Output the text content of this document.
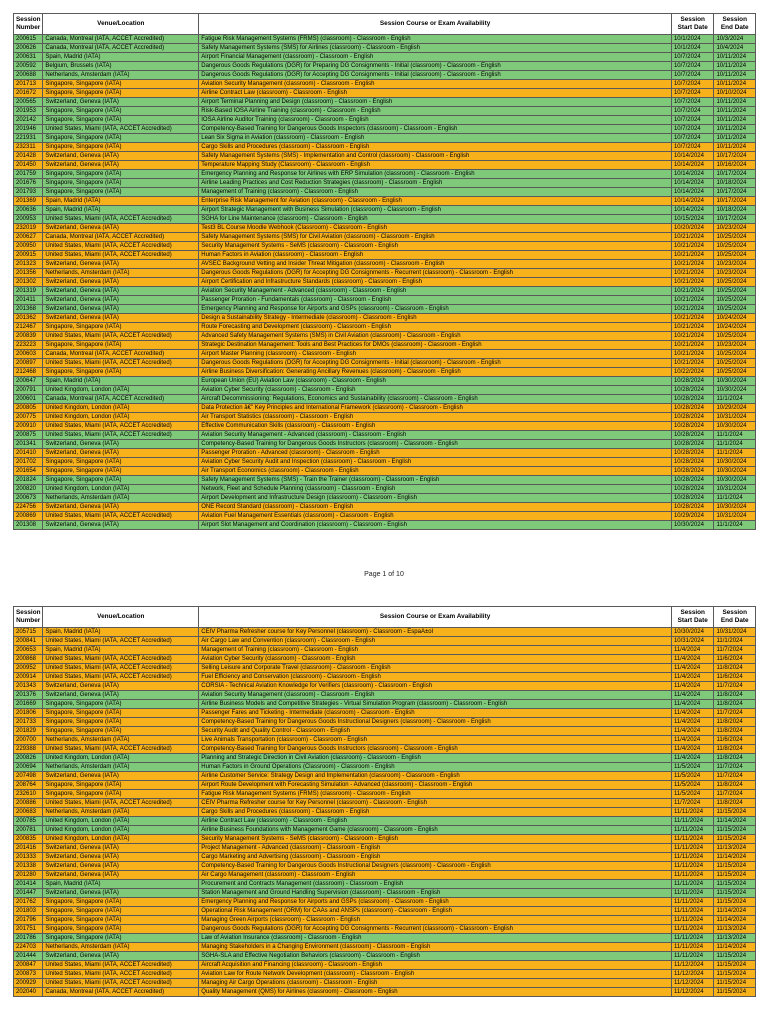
Session Number	Venue/Location	Session Course or Exam Availability	Session Start Date	Session End Date
200615	Canada, Montreal (IATA, ACCET Accredited)	Fatigue Risk Management Systems (FRMS) (classroom) - Classroom - English	10/1/2024	10/3/2024
200626	Canada, Montreal (IATA, ACCET Accredited)	Safety Management Systems (SMS) for Airlines (classroom) - Classroom - English	10/1/2024	10/4/2024
200631	Spain, Madrid (IATA)	Airport Financial Management (classroom) - Classroom - English	10/7/2024	10/11/2024
200592	Belgium, Brussels (IATA)	Dangerous Goods Regulations (DGR) for Preparing DG Consignments - Initial (classroom) - Classroom - English	10/7/2024	10/11/2024
200688	Netherlands, Amsterdam (IATA)	Dangerous Goods Regulations (DGR) for Accepting DG Consignments - Initial (classroom) - Classroom - English	10/7/2024	10/11/2024
201713	Singapore, Singapore (IATA)	Aviation Security Management (classroom) - Classroom - English	10/7/2024	10/11/2024
201672	Singapore, Singapore (IATA)	Airline Contract Law (classroom) - Classroom - English	10/7/2024	10/10/2024
200565	Switzerland, Geneva (IATA)	Airport Terminal Planning and Design (classroom) - Classroom - English	10/7/2024	10/11/2024
201953	Singapore, Singapore (IATA)	Risk-Based IOSA Airline Training (classroom) - Classroom - English	10/7/2024	10/11/2024
202142	Singapore, Singapore (IATA)	IOSA Airline Auditor Training (classroom) - Classroom - English	10/7/2024	10/11/2024
201946	United States, Miami (IATA, ACCET Accredited)	Competency-Based Training for Dangerous Goods Inspectors (classroom) - Classroom - English	10/7/2024	10/11/2024
221931	Singapore, Singapore (IATA)	Lean Six Sigma in Aviation (classroom) - Classroom - English	10/7/2024	10/11/2024
232311	Singapore, Singapore (IATA)	Cargo Skills and Procedures (classroom) - Classroom - English	10/7/2024	10/11/2024
201428	Switzerland, Geneva (IATA)	Safety Management Systems (SMS) - Implementation and Control (classroom) - Classroom - English	10/14/2024	10/17/2024
201450	Switzerland, Geneva (IATA)	Temperature Mapping Study (Classroom) - Classroom - English	10/14/2024	10/16/2024
201759	Singapore, Singapore (IATA)	Emergency Planning and Response for Airlines with ERP Simulation (classroom) - Classroom - English	10/14/2024	10/17/2024
201676	Singapore, Singapore (IATA)	Airline Leading Practices and Cost Reduction Strategies (classroom) - Classroom - English	10/14/2024	10/18/2024
201793	Singapore, Singapore (IATA)	Management of Training (classroom) - Classroom - English	10/14/2024	10/17/2024
201369	Spain, Madrid (IATA)	Enterprise Risk Management for Aviation (classroom) - Classroom - English	10/14/2024	10/17/2024
200636	Spain, Madrid (IATA)	Airport Strategic Management with Business Simulation (classroom) - Classroom - English	10/14/2024	10/18/2024
200953	United States, Miami (IATA, ACCET Accredited)	SGHA for Line Maintenance (classroom) - Classroom - English	10/15/2024	10/17/2024
232019	Switzerland, Geneva (IATA)	Test3 BL Course Moodle Webhook (Classroom) - Classroom - English	10/20/2024	10/23/2024
200627	Canada, Montreal (IATA, ACCET Accredited)	Safety Management Systems (SMS) for Civil Aviation (classroom) - Classroom - English	10/21/2024	10/25/2024
200950	United States, Miami (IATA, ACCET Accredited)	Security Management Systems - SeMS (classroom) - Classroom - English	10/21/2024	10/25/2024
200915	United States, Miami (IATA, ACCET Accredited)	Human Factors in Aviation (classroom) - Classroom - English	10/21/2024	10/25/2024
201323	Switzerland, Geneva (IATA)	AVSEC Background Vetting and Insider Threat Mitigation (classroom) - Classroom - English	10/21/2024	10/23/2024
201356	Netherlands, Amsterdam (IATA)	Dangerous Goods Regulations (DGR) for Accepting DG Consignments - Recurrent (classroom) - Classroom - English	10/21/2024	10/23/2024
201302	Switzerland, Geneva (IATA)	Airport Certification and Infrastructure Standards (classroom) - Classroom - English	10/21/2024	10/25/2024
201319	Switzerland, Geneva (IATA)	Aviation Security Management - Advanced (classroom) - Classroom - English	10/21/2024	10/25/2024
201411	Switzerland, Geneva (IATA)	Passenger Proration - Fundamentals (classroom) - Classroom - English	10/21/2024	10/25/2024
201368	Switzerland, Geneva (IATA)	Emergency Planning and Response for Airports and GSPs (classroom) - Classroom - English	10/21/2024	10/25/2024
201362	Switzerland, Geneva (IATA)	Design a Sustainability Strategy - Intermediate (classroom) - Classroom - English	10/21/2024	10/24/2024
212467	Singapore, Singapore (IATA)	Route Forecasting and Development (classroom) - Classroom - English	10/21/2024	10/24/2024
200839	United States, Miami (IATA, ACCET Accredited)	Advanced Safety Management Systems (SMS) in Civil Aviation (classroom) - Classroom - English	10/21/2024	10/25/2024
223223	Singapore, Singapore (IATA)	Strategic Destination Management: Tools and Best Practices for DMOs (classroom) - Classroom - English	10/21/2024	10/23/2024
200603	Canada, Montreal (IATA, ACCET Accredited)	Airport Master Planning (classroom) - Classroom - English	10/21/2024	10/25/2024
200897	United States, Miami (IATA, ACCET Accredited)	Dangerous Goods Regulations (DGR) for Accepting DG Consignments - Initial (classroom) - Classroom - English	10/21/2024	10/25/2024
212468	Singapore, Singapore (IATA)	Airline Business Diversification: Generating Ancillary Revenues (classroom) - Classroom - English	10/22/2024	10/25/2024
200647	Spain, Madrid (IATA)	European Union (EU) Aviation Law (classroom) - Classroom - English	10/28/2024	10/30/2024
200791	United Kingdom, London (IATA)	Aviation Cyber Security (classroom) - Classroom - English	10/28/2024	10/30/2024
200601	Canada, Montreal (IATA, ACCET Accredited)	Aircraft Decommissioning: Regulations, Economics and Sustainability (classroom) - Classroom - English	10/28/2024	11/1/2024
200805	United Kingdom, London (IATA)	Data Protection â€" Key Principles and International Framework (classroom) - Classroom - English	10/28/2024	10/29/2024
200775	United Kingdom, London (IATA)	Air Transport Statistics (classroom) - Classroom - English	10/28/2024	10/31/2024
200910	United States, Miami (IATA, ACCET Accredited)	Effective Communication Skills (classroom) - Classroom - English	10/28/2024	10/30/2024
200875	United States, Miami (IATA, ACCET Accredited)	Aviation Security Management - Advanced (classroom) - Classroom - English	10/28/2024	11/1/2024
201341	Switzerland, Geneva (IATA)	Competency-Based Training for Dangerous Goods Instructors (classroom) - Classroom - English	10/28/2024	11/1/2024
201410	Switzerland, Geneva (IATA)	Passenger Proration - Advanced (classroom) - Classroom - English	10/28/2024	11/1/2024
201702	Singapore, Singapore (IATA)	Aviation Cyber Security Audit and Inspection (classroom) - Classroom - English	10/28/2024	10/30/2024
201654	Singapore, Singapore (IATA)	Air Transport Economics (classroom) - Classroom - English	10/28/2024	10/30/2024
201824	Singapore, Singapore (IATA)	Safety Management Systems (SMS) - Train the Trainer (classroom) - Classroom - English	10/28/2024	10/30/2024
200820	United Kingdom, London (IATA)	Network, Fleet and Schedule Planning (classroom) - Classroom - English	10/28/2024	10/31/2024
200673	Netherlands, Amsterdam (IATA)	Airport Development and Infrastructure Design (classroom) - Classroom - English	10/28/2024	11/1/2024
224756	Switzerland, Geneva (IATA)	ONE Record Standard (classroom) - Classroom - English	10/28/2024	10/30/2024
200869	United States, Miami (IATA, ACCET Accredited)	Aviation Fuel Management Essentials (classroom) - Classroom - English	10/29/2024	10/31/2024
201308	Switzerland, Geneva (IATA)	Airport Slot Management and Coordination (classroom) - Classroom - English	10/30/2024	11/1/2024
Page 1 of 10
Session Number	Venue/Location	Session Course or Exam Availability	Session Start Date	Session End Date
205715	Spain, Madrid (IATA)	CEIV Pharma Refresher course for Key Personnel (classroom) - Classroom - EspaÃ±ol	10/30/2024	10/31/2024
200841	United States, Miami (IATA, ACCET Accredited)	Air Cargo Law and Convention (classroom) - Classroom - English	10/31/2024	11/1/2024
200653	Spain, Madrid (IATA)	Management of Training (classroom) - Classroom - English	11/4/2024	11/7/2024
200868	United States, Miami (IATA, ACCET Accredited)	Aviation Cyber Security (classroom) - Classroom - English	11/4/2024	11/6/2024
200952	United States, Miami (IATA, ACCET Accredited)	Selling Leisure and Corporate Travel (classroom) - Classroom - English	11/4/2024	11/8/2024
200914	United States, Miami (IATA, ACCET Accredited)	Fuel Efficiency and Conservation (classroom) - Classroom - English	11/4/2024	11/6/2024
201343	Switzerland, Geneva (IATA)	CORSIA - Technical Aviation Knowledge for Verifiers (classroom) - Classroom - English	11/4/2024	11/7/2024
201376	Switzerland, Geneva (IATA)	Aviation Security Management (classroom) - Classroom - English	11/4/2024	11/8/2024
201669	Singapore, Singapore (IATA)	Airline Business Models and Competitive Strategies - Virtual Simulation Program (classroom) - Classroom - English	11/4/2024	11/8/2024
201806	Singapore, Singapore (IATA)	Passenger Fares and Ticketing - Intermediate (classroom) - Classroom - English	11/4/2024	11/7/2024
201733	Singapore, Singapore (IATA)	Competency-Based Training for Dangerous Goods Instructional Designers (classroom) - Classroom - English	11/4/2024	11/8/2024
201829	Singapore, Singapore (IATA)	Security Audit and Quality Control - Classroom - English	11/4/2024	11/8/2024
200700	Netherlands, Amsterdam (IATA)	Live Animals Transportation (classroom) - Classroom - English	11/4/2024	11/6/2024
229388	United States, Miami (IATA, ACCET Accredited)	Competency-Based Training for Dangerous Goods Instructors (classroom) - Classroom - English	11/4/2024	11/8/2024
200826	United Kingdom, London (IATA)	Planning and Strategic Direction in Civil Aviation (classroom) - Classroom - English	11/4/2024	11/8/2024
200694	Netherlands, Amsterdam (IATA)	Human Factors in Ground Operations (Classroom) - Classroom - English	11/5/2024	11/7/2024
207498	Switzerland, Geneva (IATA)	Airline Customer Service: Strategy Design and Implementation (classroom) - Classroom - English	11/5/2024	11/7/2024
208764	Singapore, Singapore (IATA)	Airport Route Development with Forecasting Simulation - Advanced (classroom) - Classroom - English	11/5/2024	11/8/2024
232610	Singapore, Singapore (IATA)	Fatigue Risk Management Systems (FRMS) (classroom) - Classroom - English	11/5/2024	11/7/2024
200886	United States, Miami (IATA, ACCET Accredited)	CEIV Pharma Refresher course for Key Personnel (classroom) - Classroom - English	11/7/2024	11/8/2024
200683	Netherlands, Amsterdam (IATA)	Cargo Skills and Procedures (classroom) - Classroom - English	11/11/2024	11/15/2024
200785	United Kingdom, London (IATA)	Airline Contract Law (classroom) - Classroom - English	11/11/2024	11/14/2024
200781	United Kingdom, London (IATA)	Airline Business Foundations with Management Game (classroom) - Classroom - English	11/11/2024	11/15/2024
200835	United Kingdom, London (IATA)	Security Management Systems - SeMS (classroom) - Classroom - English	11/11/2024	11/15/2024
201416	Switzerland, Geneva (IATA)	Project Management - Advanced (classroom) - Classroom - English	11/11/2024	11/13/2024
201333	Switzerland, Geneva (IATA)	Cargo Marketing and Advertising (classroom) - Classroom - English	11/11/2024	11/14/2024
201338	Switzerland, Geneva (IATA)	Competency-Based Training for Dangerous Goods Instructional Designers (classroom) - Classroom - English	11/11/2024	11/15/2024
201280	Switzerland, Geneva (IATA)	Air Cargo Management (classroom) - Classroom - English	11/11/2024	11/15/2024
201414	Spain, Madrid (IATA)	Procurement and Contracts Management (classroom) - Classroom - English	11/11/2024	11/15/2024
201447	Switzerland, Geneva (IATA)	Station Management and Ground Handling Supervision (classroom) - Classroom - English	11/11/2024	11/15/2024
201762	Singapore, Singapore (IATA)	Emergency Planning and Response for Airports and GSPs (classroom) - Classroom - English	11/11/2024	11/15/2024
201803	Singapore, Singapore (IATA)	Operational Risk Management (ORM) for CAAs and ANSPs (classroom) - Classroom - English	11/11/2024	11/14/2024
201796	Singapore, Singapore (IATA)	Managing Green Airports (classroom) - Classroom - English	11/11/2024	11/14/2024
201751	Singapore, Singapore (IATA)	Dangerous Goods Regulations (DGR) for Accepting DG Consignments - Recurrent (classroom) - Classroom - English	11/11/2024	11/13/2024
201786	Singapore, Singapore (IATA)	Law of Aviation Insurance (classroom) - Classroom - English	11/11/2024	11/13/2024
224703	Netherlands, Amsterdam (IATA)	Managing Stakeholders in a Changing Environment (classroom) - Classroom - English	11/11/2024	11/14/2024
201444	Switzerland, Geneva (IATA)	SGHA-SLA and Effective Negotiation Behaviors (classroom) - Classroom - English	11/11/2024	11/15/2024
200847	United States, Miami (IATA, ACCET Accredited)	Aircraft Acquisition and Financing (classroom) - Classroom - English	11/12/2024	11/15/2024
200873	United States, Miami (IATA, ACCET Accredited)	Aviation Law for Route Network Development (classroom) - Classroom - English	11/12/2024	11/15/2024
200929	United States, Miami (IATA, ACCET Accredited)	Managing Air Cargo Operations (classroom) - Classroom - English	11/12/2024	11/15/2024
202040	Canada, Montreal (IATA, ACCET Accredited)	Quality Management (QMS) for Airlines (classroom) - Classroom - English	11/12/2024	11/15/2024
